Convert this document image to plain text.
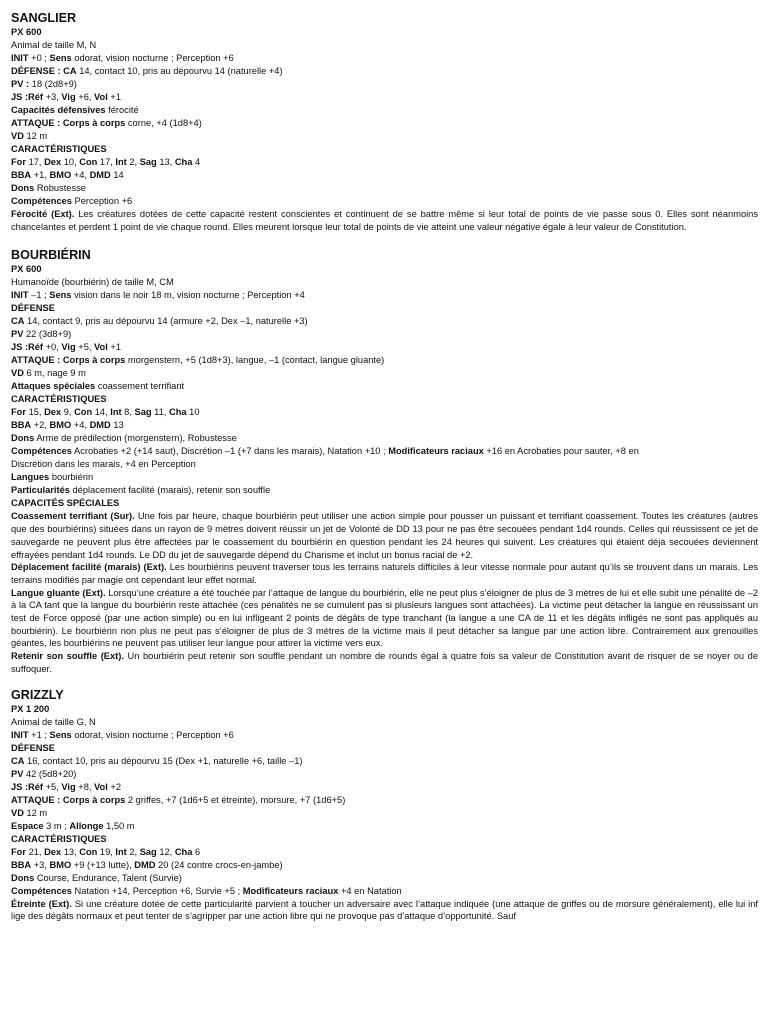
SANGLIER

PX 600

Animal de taille M, N

INIT +0 ; Sens odorat, vision nocturne ; Perception +6

DÉFENSE : CA 14, contact 10, pris au dépourvu 14 (naturelle +4)

PV : 18 (2d8+9)

JS :Réf +3, Vig +6, Vol +1

Capacités défensives férocité

ATTAQUE : Corps à corps corne, +4 (1d8+4)

VD 12 m

CARACTÉRISTIQUES

For 17, Dex 10, Con 17, Int 2, Sag 13, Cha 4

BBA +1, BMO +4, DMD 14

Dons Robustesse

Compétences Perception +6

Férocité (Ext). Les créatures dotées de cette capacité restent conscientes et continuent de se battre même si leur total de points de vie passe sous 0. Elles sont néanmoins chancelantes et perdent 1 point de vie chaque round. Elles meurent lorsque leur total de points de vie atteint une valeur négative égale à leur valeur de Constitution.

BOURBIÉRIN

PX 600

Humanoïde (bourbiérin) de taille M, CM

INIT –1 ; Sens vision dans le noir 18 m, vision nocturne ; Perception +4

DÉFENSE

CA 14, contact 9, pris au dépourvu 14 (armure +2, Dex –1, naturelle +3)

PV 22 (3d8+9)

JS :Réf +0, Vig +5, Vol +1

ATTAQUE : Corps à corps morgenstern, +5 (1d8+3), langue, –1 (contact, langue gluante)

VD 6 m, nage 9 m

Attaques spéciales coassement terrifiant

CARACTÉRISTIQUES

For 15, Dex 9, Con 14, Int 8, Sag 11, Cha 10

BBA +2, BMO +4, DMD 13

Dons Arme de prédilection (morgenstern), Robustesse

Compétences Acrobaties +2 (+14 saut), Discrétion –1 (+7 dans les marais), Natation +10 ; Modificateurs raciaux +16 en Acrobaties pour sauter, +8 en

Discrétion dans les marais, +4 en Perception

Langues bourbiérin

Particularités déplacement facilité (marais), retenir son souffle

CAPACITÉS SPÉCIALES

Coassement terrifiant (Sur). Une fois par heure, chaque bourbiérin peut utiliser une action simple pour pousser un puissant et terrifiant coassement. Toutes les créatures (autres que des bourbiérins) situées dans un rayon de 9 mètres doivent réussir un jet de Volonté de DD 13 pour ne pas être secouées pendant 1d4 rounds. Celles qui réussissent ce jet de sauvegarde ne peuvent plus être affectées par le coassement du bourbiérin en question pendant les 24 heures qui suivent. Les créatures qui étaient déjà secouées deviennent effrayées pendant 1d4 rounds. Le DD du jet de sauvegarde dépend du Charisme et inclut un bonus racial de +2.

Déplacement facilité (marais) (Ext). Les bourbiérins peuvent traverser tous les terrains naturels difficiles à leur vitesse normale pour autant qu’ils se trouvent dans un marais. Les terrains modifiés par magie ont cependant leur effet normal.

Langue gluante (Ext). Lorsqu’une créature a été touchée par l’attaque de langue du bourbiérin, elle ne peut plus s’éloigner de plus de 3 mètres de lui et elle subit une pénalité de –2 à la CA tant que la langue du bourbiérin reste attachée (ces pénalités ne se cumulent pas si plusieurs langues sont attachées). La victime peut détacher la langue en réussissant un test de Force opposé (par une action simple) ou en lui infligeant 2 points de dégâts de type tranchant (la langue a une CA de 11 et les dégâts infligés ne sont pas appliqués au bourbiérin). Le bourbiérin non plus ne peut pas s’éloigner de plus de 3 mètres de la victime mais il peut détacher sa langue par une action libre. Contrairement aux grenouilles géantes, les bourbiérins ne peuvent pas utiliser leur langue pour attirer la victime vers eux.

Retenir son souffle (Ext). Un bourbiérin peut retenir son souffle pendant un nombre de rounds égal à quatre fois sa valeur de Constitution avant de risquer de se noyer ou de suffoquer.

GRIZZLY

PX 1 200

Animal de taille G, N

INIT +1 ; Sens odorat, vision nocturne ; Perception +6

DÉFENSE

CA 16, contact 10, pris au dépourvu 15 (Dex +1, naturelle +6, taille –1)

PV 42 (5d8+20)

JS :Réf +5, Vig +8, Vol +2

ATTAQUE : Corps à corps 2 griffes, +7 (1d6+5 et étreinte), morsure, +7 (1d6+5)

VD 12 m

Espace 3 m ; Allonge 1,50 m

CARACTÉRISTIQUES

For 21, Dex 13, Con 19, Int 2, Sag 12, Cha 6

BBA +3, BMO +9 (+13 lutte), DMD 20 (24 contre crocs-en-jambe)

Dons Course, Endurance, Talent (Survie)

Compétences Natation +14, Perception +6, Survie +5 ; Modificateurs raciaux +4 en Natation

Étreinte (Ext). Si une créature dotée de cette particularité parvient à toucher un adversaire avec l’attaque indiquée (une attaque de griffes ou de morsure généralement), elle lui inf lige des dégâts normaux et peut tenter de s’agripper par une action libre qui ne provoque pas d’attaque d’opportunité. Sauf
